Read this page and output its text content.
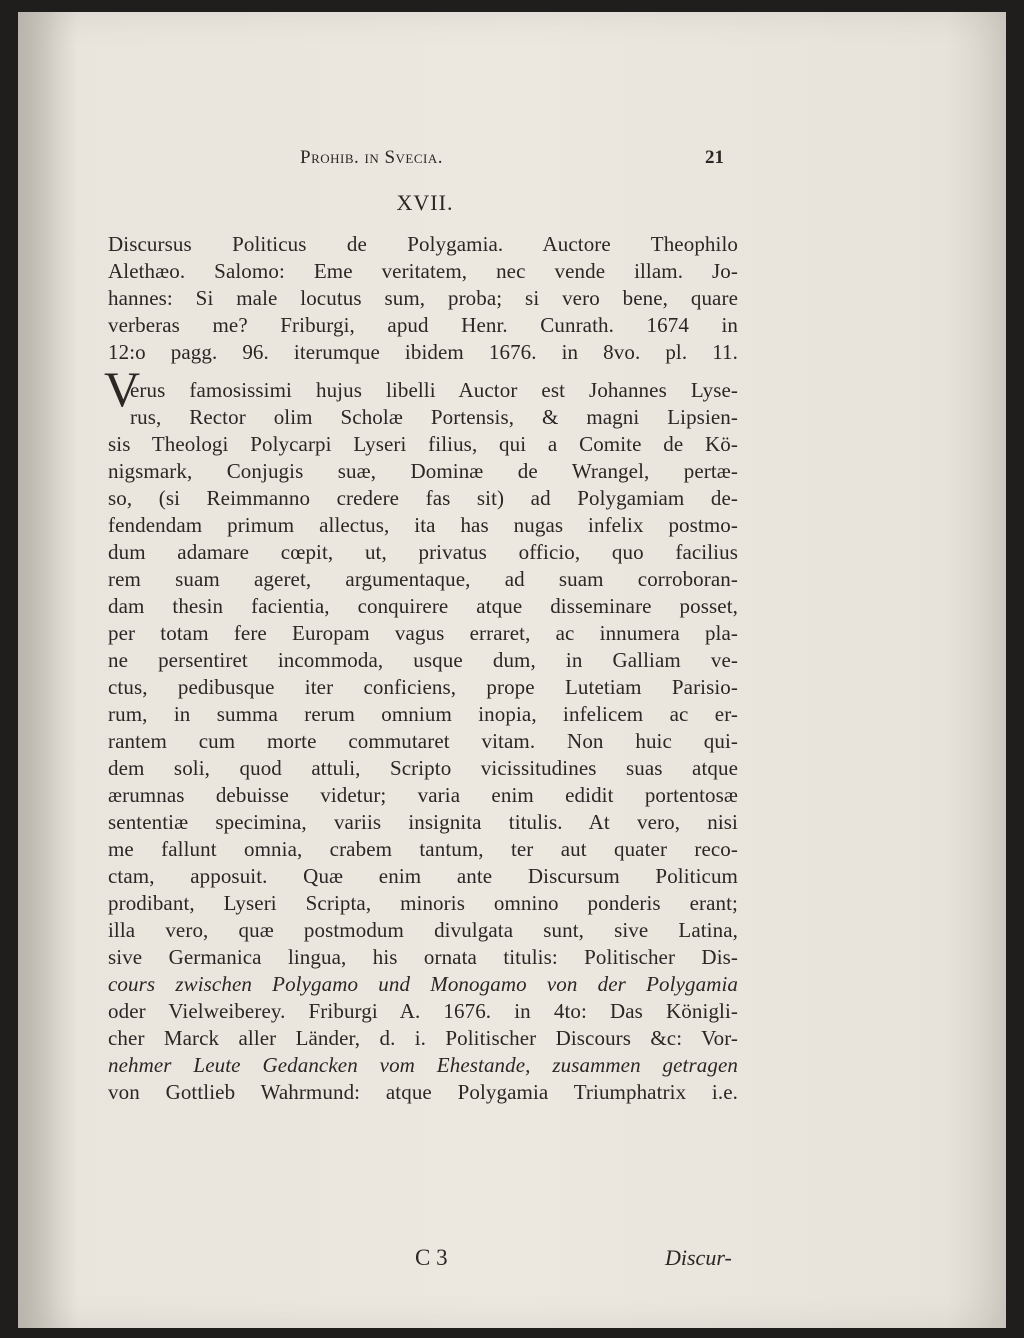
Prohib. in Svecia.	21
XVII.
Discursus Politicus de Polygamia. Auctore Theophilo
Alethæo. Salomo: Eme veritatem, nec vende illam. Jo-
hannes: Si male locutus sum, proba; si vero bene, quare
verberas me? Friburgi, apud Henr. Cunrath. 1674 in
12:o pagg. 96. iterumque ibidem 1676. in 8vo. pl. 11.
V
erus famosissimi hujus libelli Auctor est Johannes Lyse-
rus, Rector olim Scholæ Portensis, & magni Lipsien-
sis Theologi Polycarpi Lyseri filius, qui a Comite de Kö-
nigsmark, Conjugis suæ, Dominæ de Wrangel, pertæ-
so, (si Reimmanno credere fas sit) ad Polygamiam de-
fendendam primum allectus, ita has nugas infelix postmo-
dum adamare cœpit, ut, privatus officio, quo facilius
rem suam ageret, argumentaque, ad suam corroboran-
dam thesin facientia, conquirere atque disseminare posset,
per totam fere Europam vagus erraret, ac innumera pla-
ne persentiret incommoda, usque dum, in Galliam ve-
ctus, pedibusque iter conficiens, prope Lutetiam Parisio-
rum, in summa rerum omnium inopia, infelicem ac er-
rantem cum morte commutaret vitam. Non huic qui-
dem soli, quod attuli, Scripto vicissitudines suas atque
ærumnas debuisse videtur; varia enim edidit portentosæ
sententiæ specimina, variis insignita titulis. At vero, nisi
me fallunt omnia, crabem tantum, ter aut quater reco-
ctam, apposuit. Quæ enim ante Discursum Politicum
prodibant, Lyseri Scripta, minoris omnino ponderis erant;
illa vero, quæ postmodum divulgata sunt, sive Latina,
sive Germanica lingua, his ornata titulis: Politischer Dis-
cours zwischen Polygamo und Monogamo von der Polygamia
oder Vielweiberey. Friburgi A. 1676. in 4to: Das Königli-
cher Marck aller Länder, d. i. Politischer Discours &c: Vor-
nehmer Leute Gedancken vom Ehestande, zusammen getragen
von Gottlieb Wahrmund: atque Polygamia Triumphatrix i.e.
C 3	Discur-
